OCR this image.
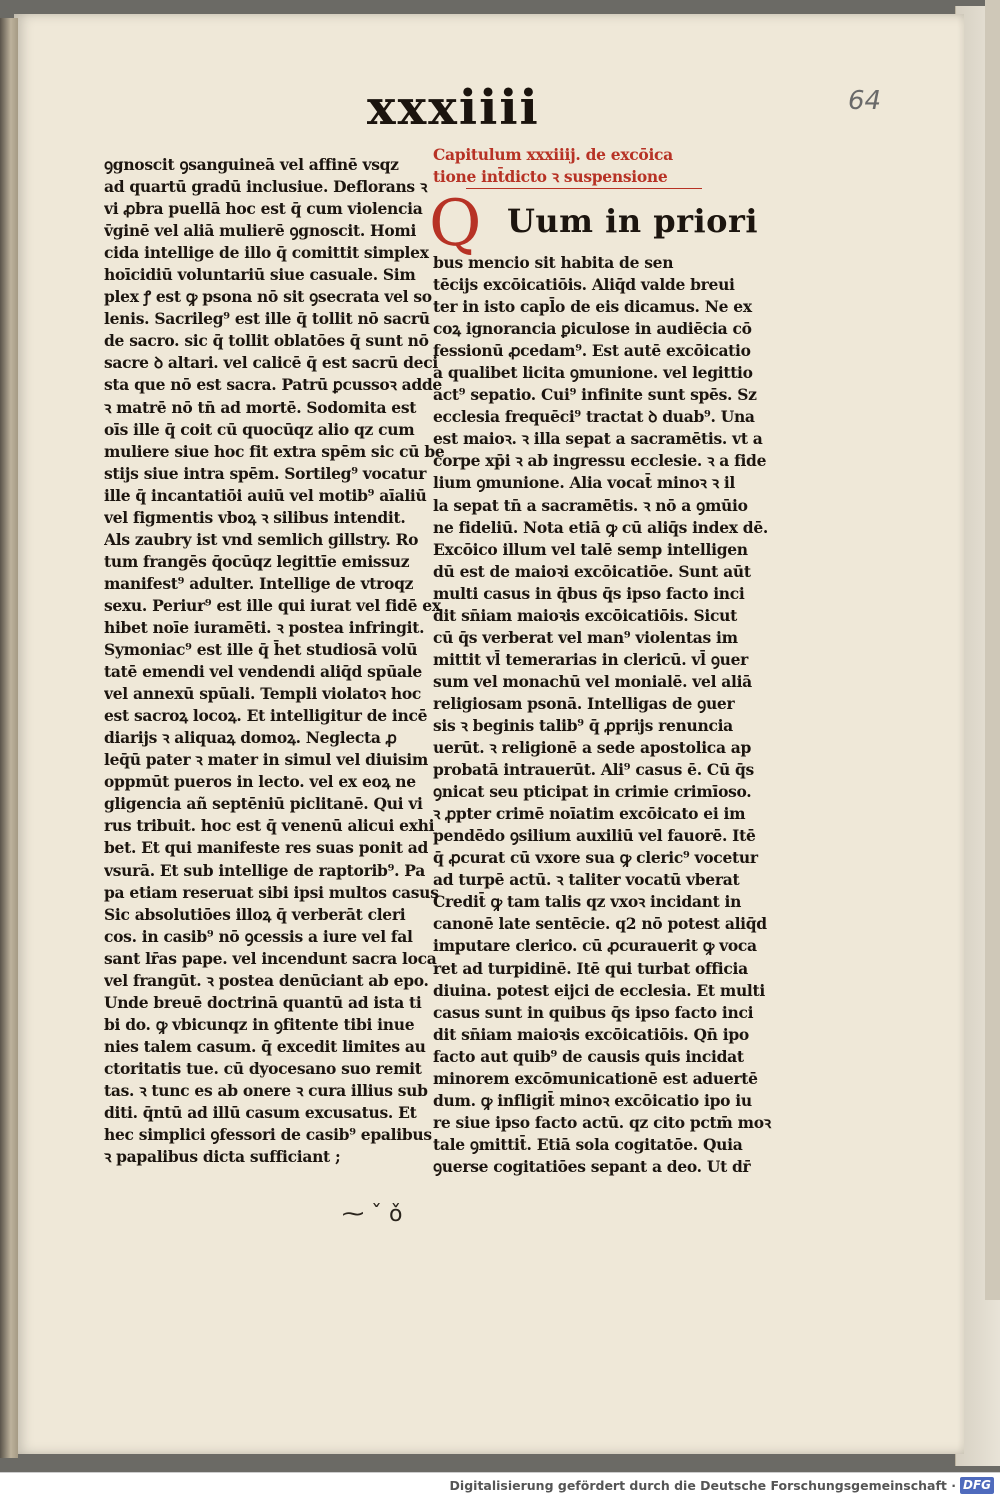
xxxiiii	64
ꝯgnoscit ꝯsanguineā vel affinē vsqz
ad quartū gradū inclusiue. Deflorans ꝛ
vi ꝓbra puellā hoc est q̄ cum violencia
v̄ginē vel aliā mulierē ꝯgnoscit. Homi
cida intellige de illo q̄ comittit simplex
hoīcidiū voluntariū siue casuale. Sim
plex ꝭ est ꝙ psona nō sit ꝯsecrata vel so
lenis. Sacrileg⁹ est ille q̄ tollit nō sacrū
de sacro. sic q̄ tollit oblatōes q̄ sunt nō
sacre ꝺ altari. vel calicē q̄ est sacrū deci
sta que nō est sacra. Patrū ꝑcussoꝛ adde
ꝛ matrē nō tn̄ ad mortē. Sodomita est
oīs ille q̄ coit cū quocūqz alio qz cum
muliere siue hoc fit extra spēm sic cū be
stijs siue intra spēm. Sortileg⁹ vocatur
ille q̄ incantatiōi auiū vel motib⁹ aīaliū
vel figmentis vboꝝ ꝛ silibus intendit.
Als zaubry ist vnd semlich gillstry. Ro
tum frangēs q̄ocūqz legittīe emissuz
manifest⁹ adulter. Intellige de vtroqz
sexu. Periur⁹ est ille qui iurat vel fidē ex
hibet noīe iuramēti. ꝛ postea infringit.
Symoniac⁹ est ille q̄ h̄et studiosā volū
tatē emendi vel vendendi aliq̄d spūale
vel annexū spūali. Templi violatoꝛ hoc
est sacroꝝ locoꝝ. Et intelligitur de incē
diarijs ꝛ aliquaꝝ domoꝝ. Neglecta ꝓ
leq̄ū pater ꝛ mater in simul vel diuisim
oppmūt pueros in lecto. vel ex eoꝝ ne
gligencia añ septēniū piclitanē. Qui vi
rus tribuit. hoc est q̄ venenū alicui exhi
bet. Et qui manifeste res suas ponit ad
vsurā. Et sub intellige de raptorib⁹. Pa
pa etiam reseruat sibi ipsi multos casus
Sic absolutiōes illoꝝ q̄ verberāt cleri
cos. in casib⁹ nō ꝯcessis a iure vel fal
sant lr̄as pape. vel incendunt sacra loca
vel frangūt. ꝛ postea denūciant ab epo.
Unde breuē doctrinā quantū ad ista ti
bi do. ꝙ vbicunqz in ꝯfitente tibi inue
nies talem casum. q̄ excedit limites au
ctoritatis tue. cū dyocesano suo remit
tas. ꝛ tunc es ab onere ꝛ cura illius sub
diti. q̄ntū ad illū casum excusatus. Et
hec simplici ꝯfessori de casib⁹ epalibus
ꝛ papalibus dicta sufficiant ;
Capitulum xxxiiij. de excōica
tione int̄dicto ꝛ suspensione
Q Uum in priori
bus mencio sit habita de sen
tēcijs excōicatiōis. Aliq̄d valde breui
ter in isto capl̄o de eis dicamus. Ne ex
coꝝ ignorancia ꝑiculose in audiēcia cō
fessionū ꝓcedam⁹. Est autē excōicatio
a qualibet licita ꝯmunione. vel legittio
act⁹ sepatio. Cui⁹ infinite sunt spēs. Sz
ecclesia frequēci⁹ tractat ꝺ duab⁹. Una
est maioꝛ. ꝛ illa sepat a sacramētis. vt a
corpe xp̄i ꝛ ab ingressu ecclesie. ꝛ a fide
lium ꝯmunione. Alia vocat̄ minoꝛ ꝛ il
la sepat tn̄ a sacramētis. ꝛ nō a ꝯmūio
ne fideliū. Nota etiā ꝙ cū aliq̄s index dē.
Excōico illum vel talē semp intelligen
dū est de maioꝛi excōicatiōe. Sunt aūt
multi casus in q̄bus q̄s ipso facto inci
dit sn̄iam maioꝛis excōicatiōis. Sicut
cū q̄s verberat vel man⁹ violentas im
mittit vl̄ temerarias in clericū. vl̄ ꝯuer
sum vel monachū vel monialē. vel aliā
religiosam psonā. Intelligas de ꝯuer
sis ꝛ beginis talib⁹ q̄ ꝓprijs renuncia
uerūt. ꝛ religionē a sede apostolica ap
probatā intrauerūt. Ali⁹ casus ē. Cū q̄s
ꝯnicat seu pticipat in crimie crimīoso.
ꝛ ꝓpter crimē noīatim excōicato ei im
pendēdo ꝯsilium auxiliū vel fauorē. Itē
q̄ ꝓcurat cū vxore sua ꝙ cleric⁹ vocetur
ad turpē actū. ꝛ taliter vocatū vberat
Credit̄ ꝙ tam talis qz vxoꝛ incidant in
canonē late sentēcie. q2 nō potest aliq̄d
imputare clerico. cū ꝓcurauerit ꝙ voca
ret ad turpidinē. Itē qui turbat officia
diuina. potest eijci de ecclesia. Et multi
casus sunt in quibus q̄s ipso facto inci
dit sn̄iam maioꝛis excōicatiōis. Qn̄ ipo
facto aut quib⁹ de causis quis incidat
minorem excōmunicationē est aduertē
dum. ꝙ infligit̄ minoꝛ excōicatio ipo iu
re siue ipso facto actū. qz cito pctm̄ moꝛ
tale ꝯmittit̄. Etiā sola cogitatōe. Quia
ꝯuerse cogitatiōes sepant a deo. Ut dr̄
⁓ ˇ ǒ
Digitalisierung gefördert durch die Deutsche Forschungsgemeinschaft · DFG
